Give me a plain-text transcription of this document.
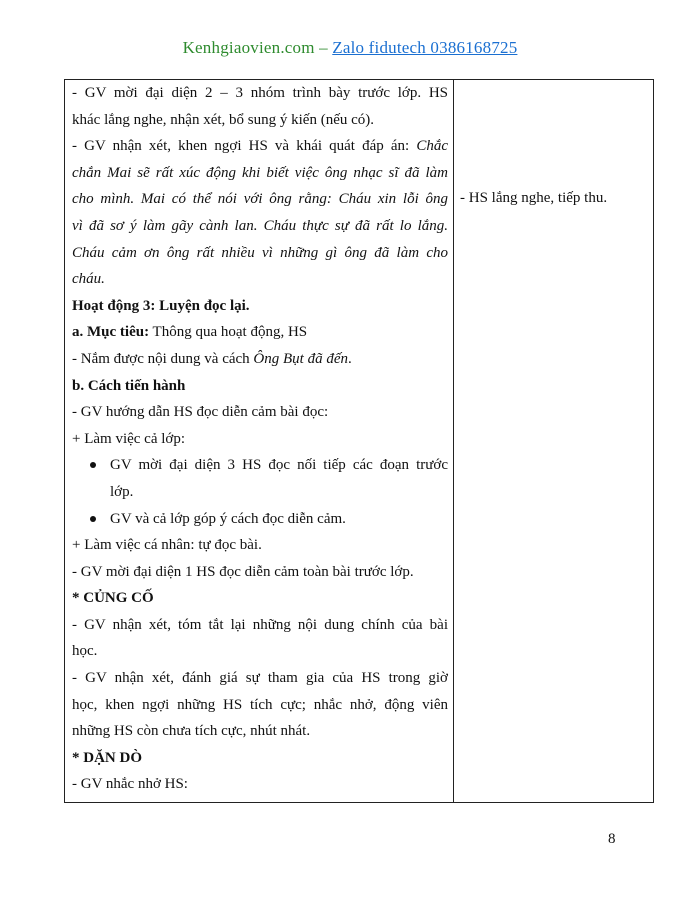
Kenhgiaovien.com – Zalo fidutech 0386168725

- GV mời đại diện 2 – 3 nhóm trình bày trước lớp. HS

khác lắng nghe, nhận xét, bổ sung ý kiến (nếu có).

- GV nhận xét, khen ngợi HS và khái quát đáp án: Chắc

chắn Mai sẽ rất xúc động khi biết việc ông nhạc sĩ đã làm

cho mình. Mai có thể nói với ông rằng: Cháu xin lỗi ông

vì đã sơ ý làm gãy cành lan. Cháu thực sự đã rất lo lắng.

Cháu cảm ơn ông rất nhiều vì những gì ông đã làm cho

cháu.

Hoạt động 3: Luyện đọc lại.

a. Mục tiêu: Thông qua hoạt động, HS

- Nắm được nội dung và cách Ông Bụt đã đến.

b. Cách tiến hành

- GV hướng dẫn HS đọc diễn cảm bài đọc:

+ Làm việc cả lớp:

GV mời đại diện 3 HS đọc nối tiếp các đoạn trước
lớp.
GV và cả lớp góp ý cách đọc diễn cảm.

+ Làm việc cá nhân: tự đọc bài.

- GV mời đại diện 1 HS đọc diễn cảm toàn bài trước lớp.

* CỦNG CỐ

- GV nhận xét, tóm tắt lại những nội dung chính của bài

học.

- GV nhận xét, đánh giá sự tham gia của HS trong giờ

học, khen ngợi những HS tích cực; nhắc nhở, động viên

những HS còn chưa tích cực, nhút nhát.

* DẶN DÒ

- GV nhắc nhở HS:

- HS lắng nghe, tiếp thu.
8
